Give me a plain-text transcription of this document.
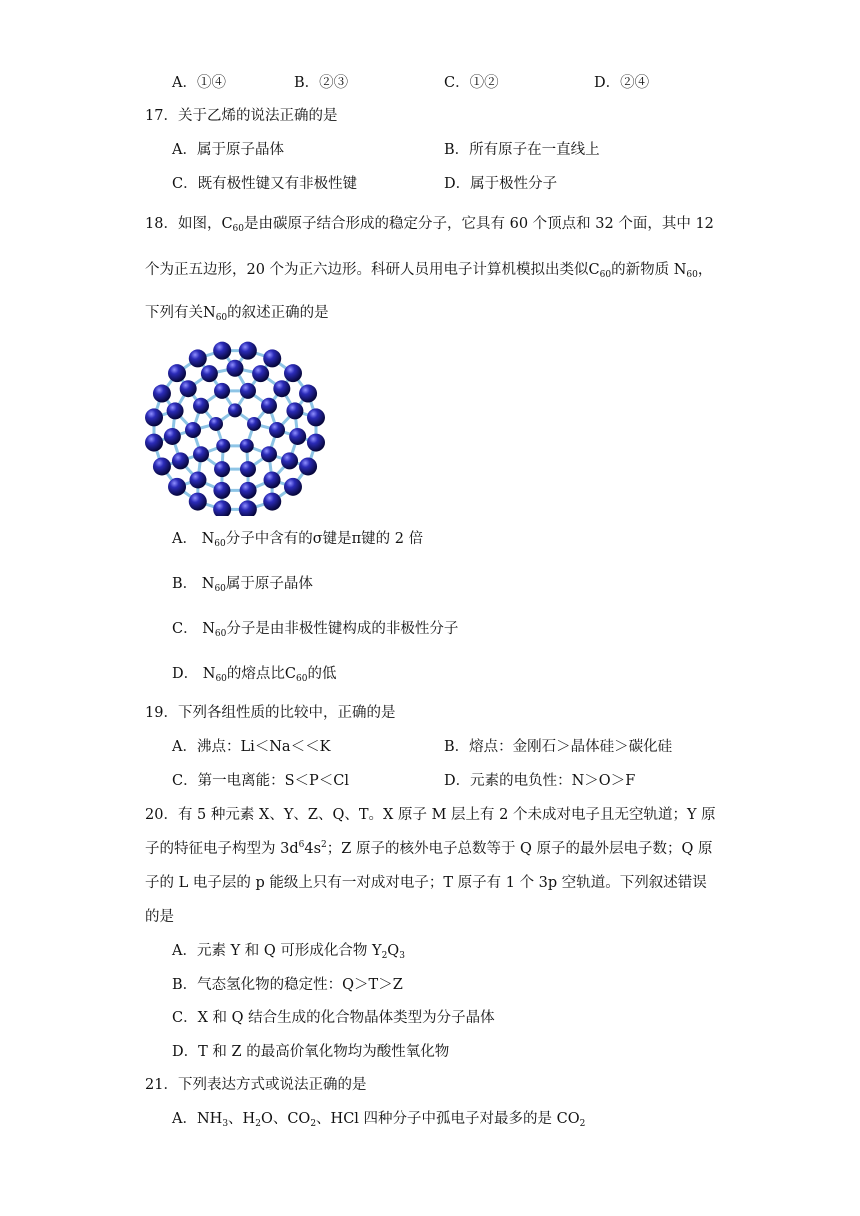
A．①④	B．②③	C．①②	D．②④
17．关于乙烯的说法正确的是
A．属于原子晶体	B．所有原子在一直线上
C．既有极性键又有非极性键	D．属于极性分子
18．如图，$C_{60}$是由碳原子结合形成的稳定分子，它具有 60 个顶点和 32 个面，其中 12
个为正五边形，20 个为正六边形。科研人员用电子计算机模拟出类似$C_{60}$的新物质 $N_{60}$，
下列有关$N_{60}$的叙述正确的是
A． $N_{60}$分子中含有的σ键是π键的 2 倍
B． $N_{60}$属于原子晶体
C． $N_{60}$分子是由非极性键构成的非极性分子
D． $N_{60}$的熔点比$C_{60}$的低
19．下列各组性质的比较中，正确的是
A．沸点：Li＜Na＜＜K	B．熔点：金刚石＞晶体硅＞碳化硅
C．第一电离能：S＜P＜Cl	D．元素的电负性：N＞O＞F
20．有 5 种元素 X、Y、Z、Q、T。X 原子 M 层上有 2 个未成对电子且无空轨道；Y 原
子的特征电子构型为 $3d^64s^2$；Z 原子的核外电子总数等于 Q 原子的最外层电子数；Q 原
子的 L 电子层的 p 能级上只有一对成对电子；T 原子有 1 个 3p 空轨道。下列叙述错误
的是
A．元素 Y 和 Q 可形成化合物 $Y_2Q_3$
B．气态氢化物的稳定性：Q＞T＞Z
C．X 和 Q 结合生成的化合物晶体类型为分子晶体
D．T 和 Z 的最高价氧化物均为酸性氧化物
21．下列表达方式或说法正确的是
A．$NH_3$、$H_2O$、$CO_2$、HCl 四种分子中孤电子对最多的是 $CO_2$
